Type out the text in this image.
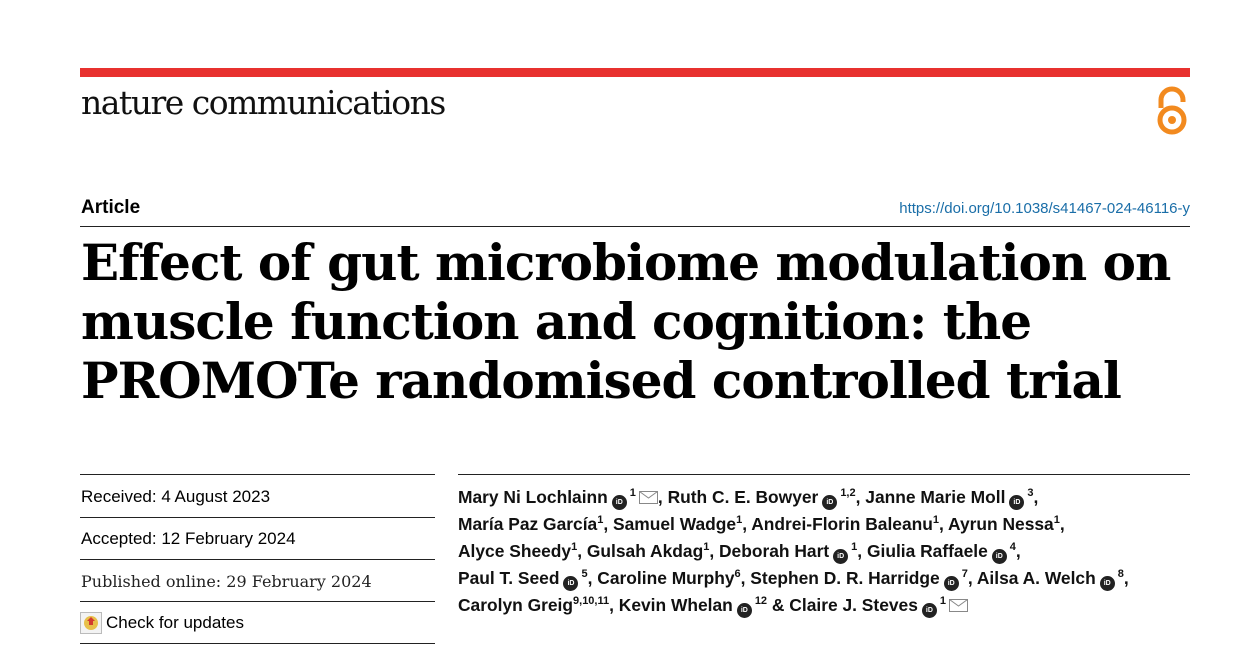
nature communications
Article	https://doi.org/10.1038/s41467-024-46116-y
Effect of gut microbiome modulation on
muscle function and cognition: the
PROMOTe randomised controlled trial
Received: 4 August 2023
Accepted: 12 February 2024
Published online: 29 February 2024
Check for updates

Mary Ni Lochlainn $iD^1$ , Ruth C. E. Bowyer iD$^{1,2}$, Janne Marie Moll $iD^3$,
María Paz García$^1$, Samuel Wadge$^1$, Andrei-Florin Baleanu$^1$, Ayrun Nessa$^1$,
Alyce Sheedy$^1$, Gulsah Akdag$^1$, Deborah Hart $iD^1$, Giulia Raffaele $iD^4$,
Paul T. Seed $iD^5$, Caroline Murphy$^6$, Stephen D. R. Harridge $iD^7$, Ailsa A. Welch $iD^8$,
Carolyn Greig$^{9,10,11}$, Kevin Whelan $iD^{12}$ & Claire J. Steves $iD^1$
